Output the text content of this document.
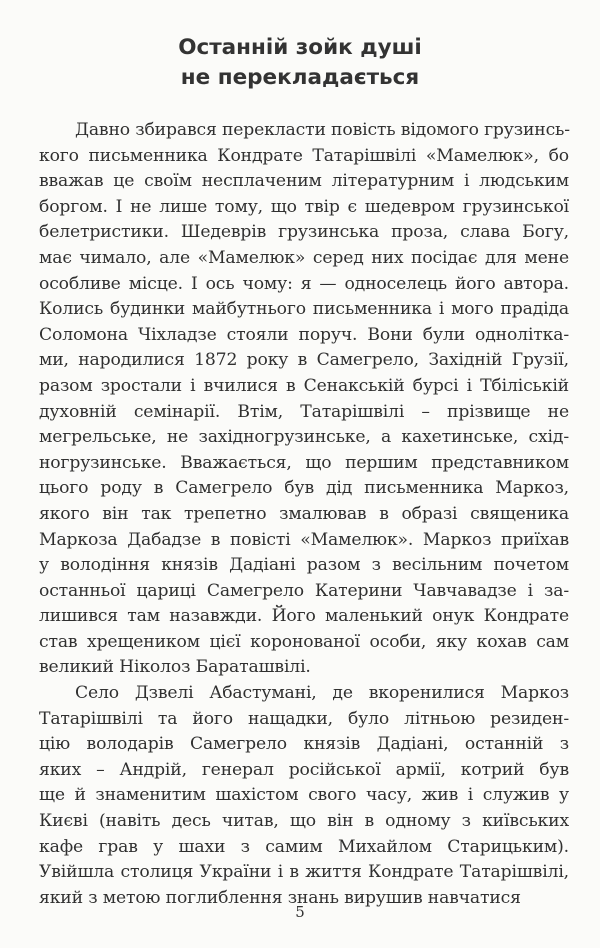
Останній зойк душі
не перекладається
Давно збирався перекласти повість відомого грузинсь-
кого письменника Кондрате Татарішвілі «Мамелюк», бо
вважав це своїм несплаченим літературним і людським
боргом. І не лише тому, що твір є шедевром грузинської
белетристики. Шедеврів грузинська проза, слава Богу,
має чимало, але «Мамелюк» серед них посідає для мене
особливе місце. І ось чому: я — односелець його автора.
Колись будинки майбутнього письменника і мого прадіда
Соломона Чіхладзе стояли поруч. Вони були однолітка-
ми, народилися 1872 року в Самегрело, Західній Грузії,
разом зростали і вчилися в Сенакській бурсі і Тбіліській
духовній семінарії. Втім, Татарішвілі – прізвище не
мегрельське, не західногрузинське, а кахетинське, схід-
ногрузинське. Вважається, що першим представником
цього роду в Самегрело був дід письменника Маркоз,
якого він так трепетно змалював в образі священика
Маркоза Дабадзе в повісті «Мамелюк». Маркоз приїхав
у володіння князів Дадіані разом з весільним почетом
останньої цариці Самегрело Катерини Чавчавадзе і за-
лишився там назавжди. Його маленький онук Кондрате
став хрещеником цієї коронованої особи, яку кохав сам
великий Ніколоз Бараташвілі.
Село Дзвелі Абастумані, де вкоренилися Маркоз
Татарішвілі та його нащадки, було літньою резиден-
цію володарів Самегрело князів Дадіані, останній з
яких – Андрій, генерал російської армії, котрий був
ще й знаменитим шахістом свого часу, жив і служив у
Києві (навіть десь читав, що він в одному з київських
кафе грав у шахи з самим Михайлом Старицьким).
Увійшла столиця України і в життя Кондрате Татарішвілі,
який з метою поглиблення знань вирушив навчатися
5
